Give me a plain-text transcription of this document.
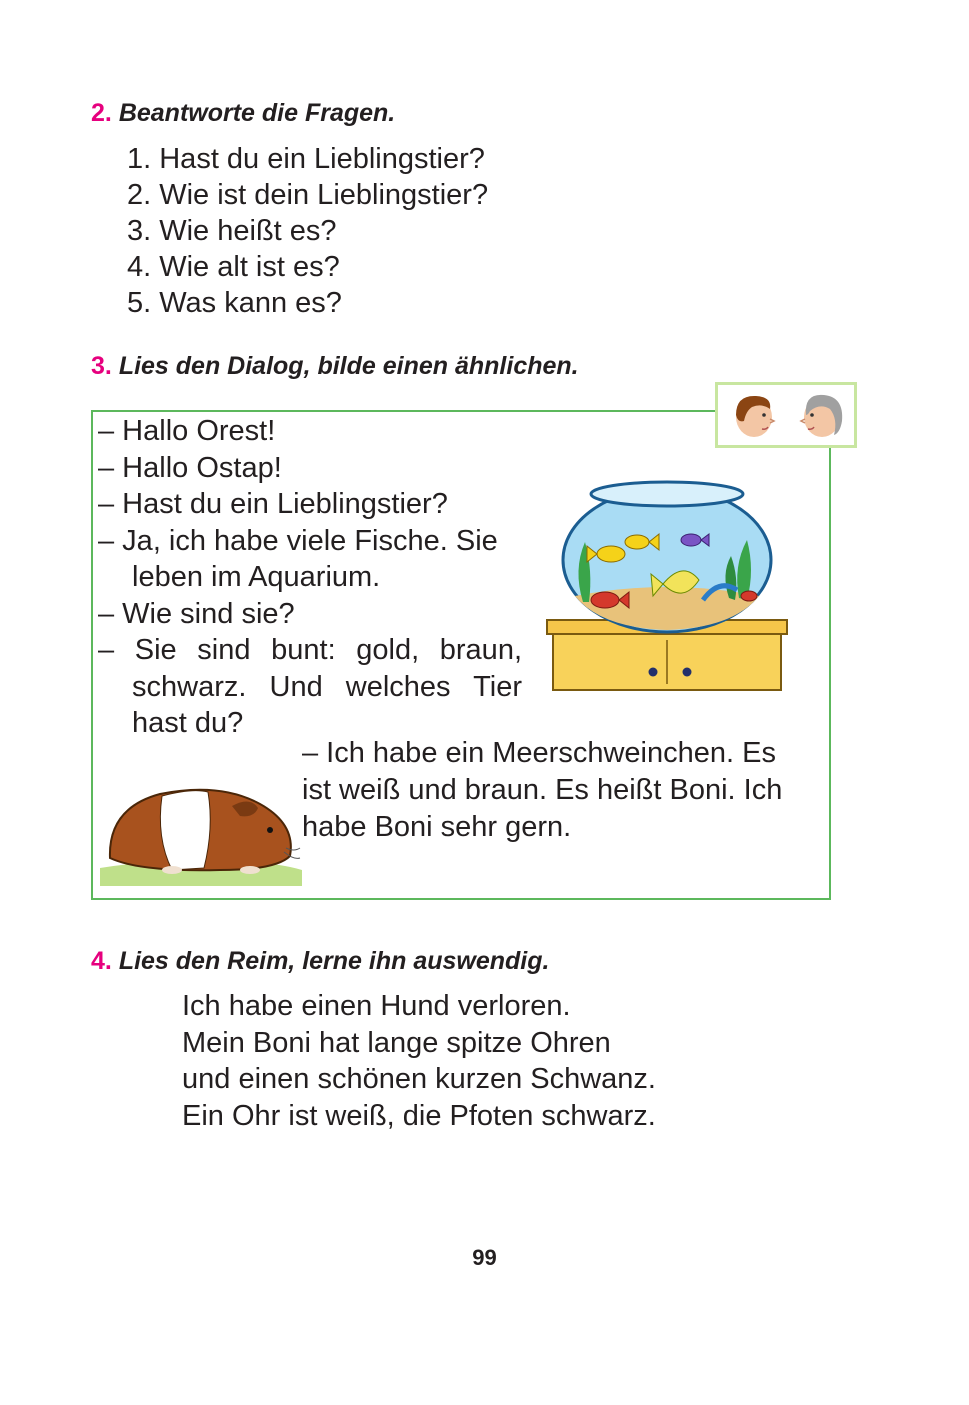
2. Beantworte die Fragen.
1. Hast du ein Lieblingstier?
2. Wie ist dein Lieblingstier?
3. Wie heißt es?
4. Wie alt ist es?
5. Was kann es?
3. Lies den Dialog, bilde einen ähnlichen.
– Hallo Orest!
– Hallo Ostap!
– Hast du ein Lieblingstier?
– Ja, ich habe viele Fische. Sie
leben im Aquarium.
– Wie sind sie?
– Sie sind bunt: gold, braun,
schwarz. Und welches Tier
hast du?
– Ich habe ein Meerschweinchen. Es
ist weiß und braun. Es heißt Boni. Ich
habe Boni sehr gern.
4. Lies den Reim, lerne ihn auswendig.
Ich habe einen Hund verloren.
Mein Boni hat lange spitze Ohren
und einen schönen kurzen Schwanz.
Ein Ohr ist weiß, die Pfoten schwarz.
99
